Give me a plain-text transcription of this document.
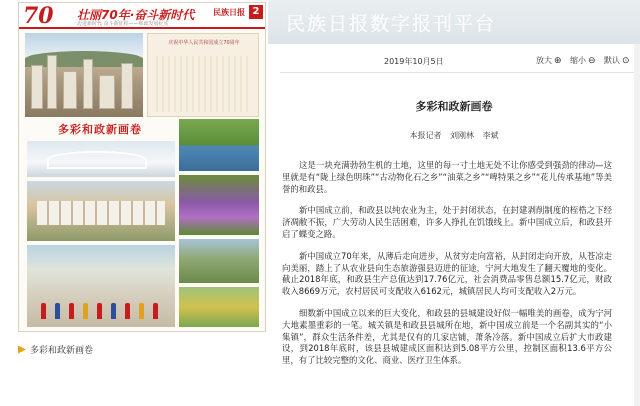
70 壮丽70年·奋斗新时代
迈进新时代 奋斗新征程——和政发展纪实
民族日报 2
庆祝中华人民共和国成立70周年
多彩和政新画卷
多彩和政新画卷
民族日报数字报刊平台
2019年10月5日	放大 ⊕ 缩小 ⊖ 默认 ⊙
多彩和政新画卷
本报记者 刘刚林 李斌

这是一块充满勃勃生机的土地，这里的每一寸土地无处不让你感受到强劲的律动—这里就是有“陇上绿色明珠”“古动物化石之乡”“油菜之乡”“啤特果之乡”“花儿传承基地”等美誉的和政县。

新中国成立前，和政县以纯农业为主，处于封闭状态，在封建剥削制度的桎梏之下经济凋敝不振，广大劳动人民生活困难，许多人挣扎在饥饿线上。新中国成立后，和政县开启了蝶变之路。

新中国成立70年来，从薄后走向进步，从贫穷走向富裕，从封闭走向开放，从苍凉走向美丽，踏上了从农业县向生态旅游强县迈进的征途，宁河大地发生了翻天覆地的变化。截止2018年底，和政县生产总值达到17.76亿元，社会消费品零售总额15.7亿元，财政收入8669万元，农村居民可支配收入6162元，城镇居民人均可支配收入2万元。

细数新中国成立以来的巨大变化，和政县的县城建设好似一幅唯美的画卷，成为宁河大地素墨重彩的一笔。城关镇是和政县县城所在地，新中国成立前是一个名副其实的“小集镇”，群众生活条件差，尤其是仅有的几家店铺，萧条冷落。新中国成立后扩大市政建设，到2018年底时，该县县城建成区面积达到5.08平方公里，控制区面积13.6平方公里，有了比较完整的文化、商业、医疗卫生体系。
